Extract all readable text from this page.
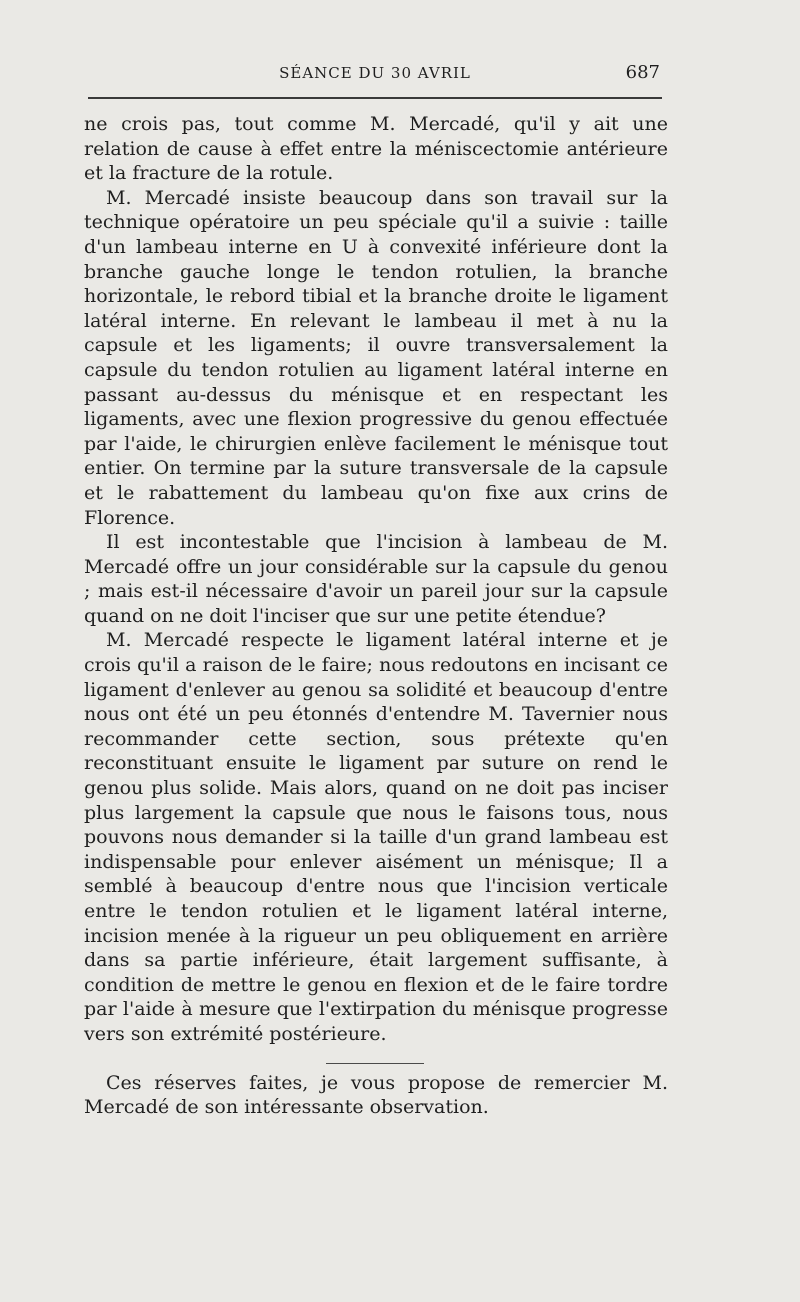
SÉANCE DU 30 AVRIL	687

ne crois pas, tout comme M. Mercadé, qu'il y ait une relation de cause à effet entre la méniscectomie antérieure et la fracture de la rotule.

M. Mercadé insiste beaucoup dans son travail sur la technique opératoire un peu spéciale qu'il a suivie : taille d'un lambeau interne en U à convexité inférieure dont la branche gauche longe le tendon rotulien, la branche horizontale, le rebord tibial et la branche droite le ligament latéral interne. En relevant le lambeau il met à nu la capsule et les ligaments; il ouvre transversalement la capsule du tendon rotulien au ligament latéral interne en passant au-dessus du ménisque et en respectant les ligaments, avec une flexion progressive du genou effectuée par l'aide, le chirurgien enlève facilement le ménisque tout entier. On termine par la suture transversale de la capsule et le rabattement du lambeau qu'on fixe aux crins de Florence.

Il est incontestable que l'incision à lambeau de M. Mercadé offre un jour considérable sur la capsule du genou ; mais est-il nécessaire d'avoir un pareil jour sur la capsule quand on ne doit l'inciser que sur une petite étendue?

M. Mercadé respecte le ligament latéral interne et je crois qu'il a raison de le faire; nous redoutons en incisant ce ligament d'enlever au genou sa solidité et beaucoup d'entre nous ont été un peu étonnés d'entendre M. Tavernier nous recommander cette section, sous prétexte qu'en reconstituant ensuite le ligament par suture on rend le genou plus solide. Mais alors, quand on ne doit pas inciser plus largement la capsule que nous le faisons tous, nous pouvons nous demander si la taille d'un grand lambeau est indispensable pour enlever aisément un ménisque; Il a semblé à beaucoup d'entre nous que l'incision verticale entre le tendon rotulien et le ligament latéral interne, incision menée à la rigueur un peu obliquement en arrière dans sa partie inférieure, était largement suffisante, à condition de mettre le genou en flexion et de le faire tordre par l'aide à mesure que l'extirpation du ménisque progresse vers son extrémité postérieure.

Ces réserves faites, je vous propose de remercier M. Mercadé de son intéressante observation.
